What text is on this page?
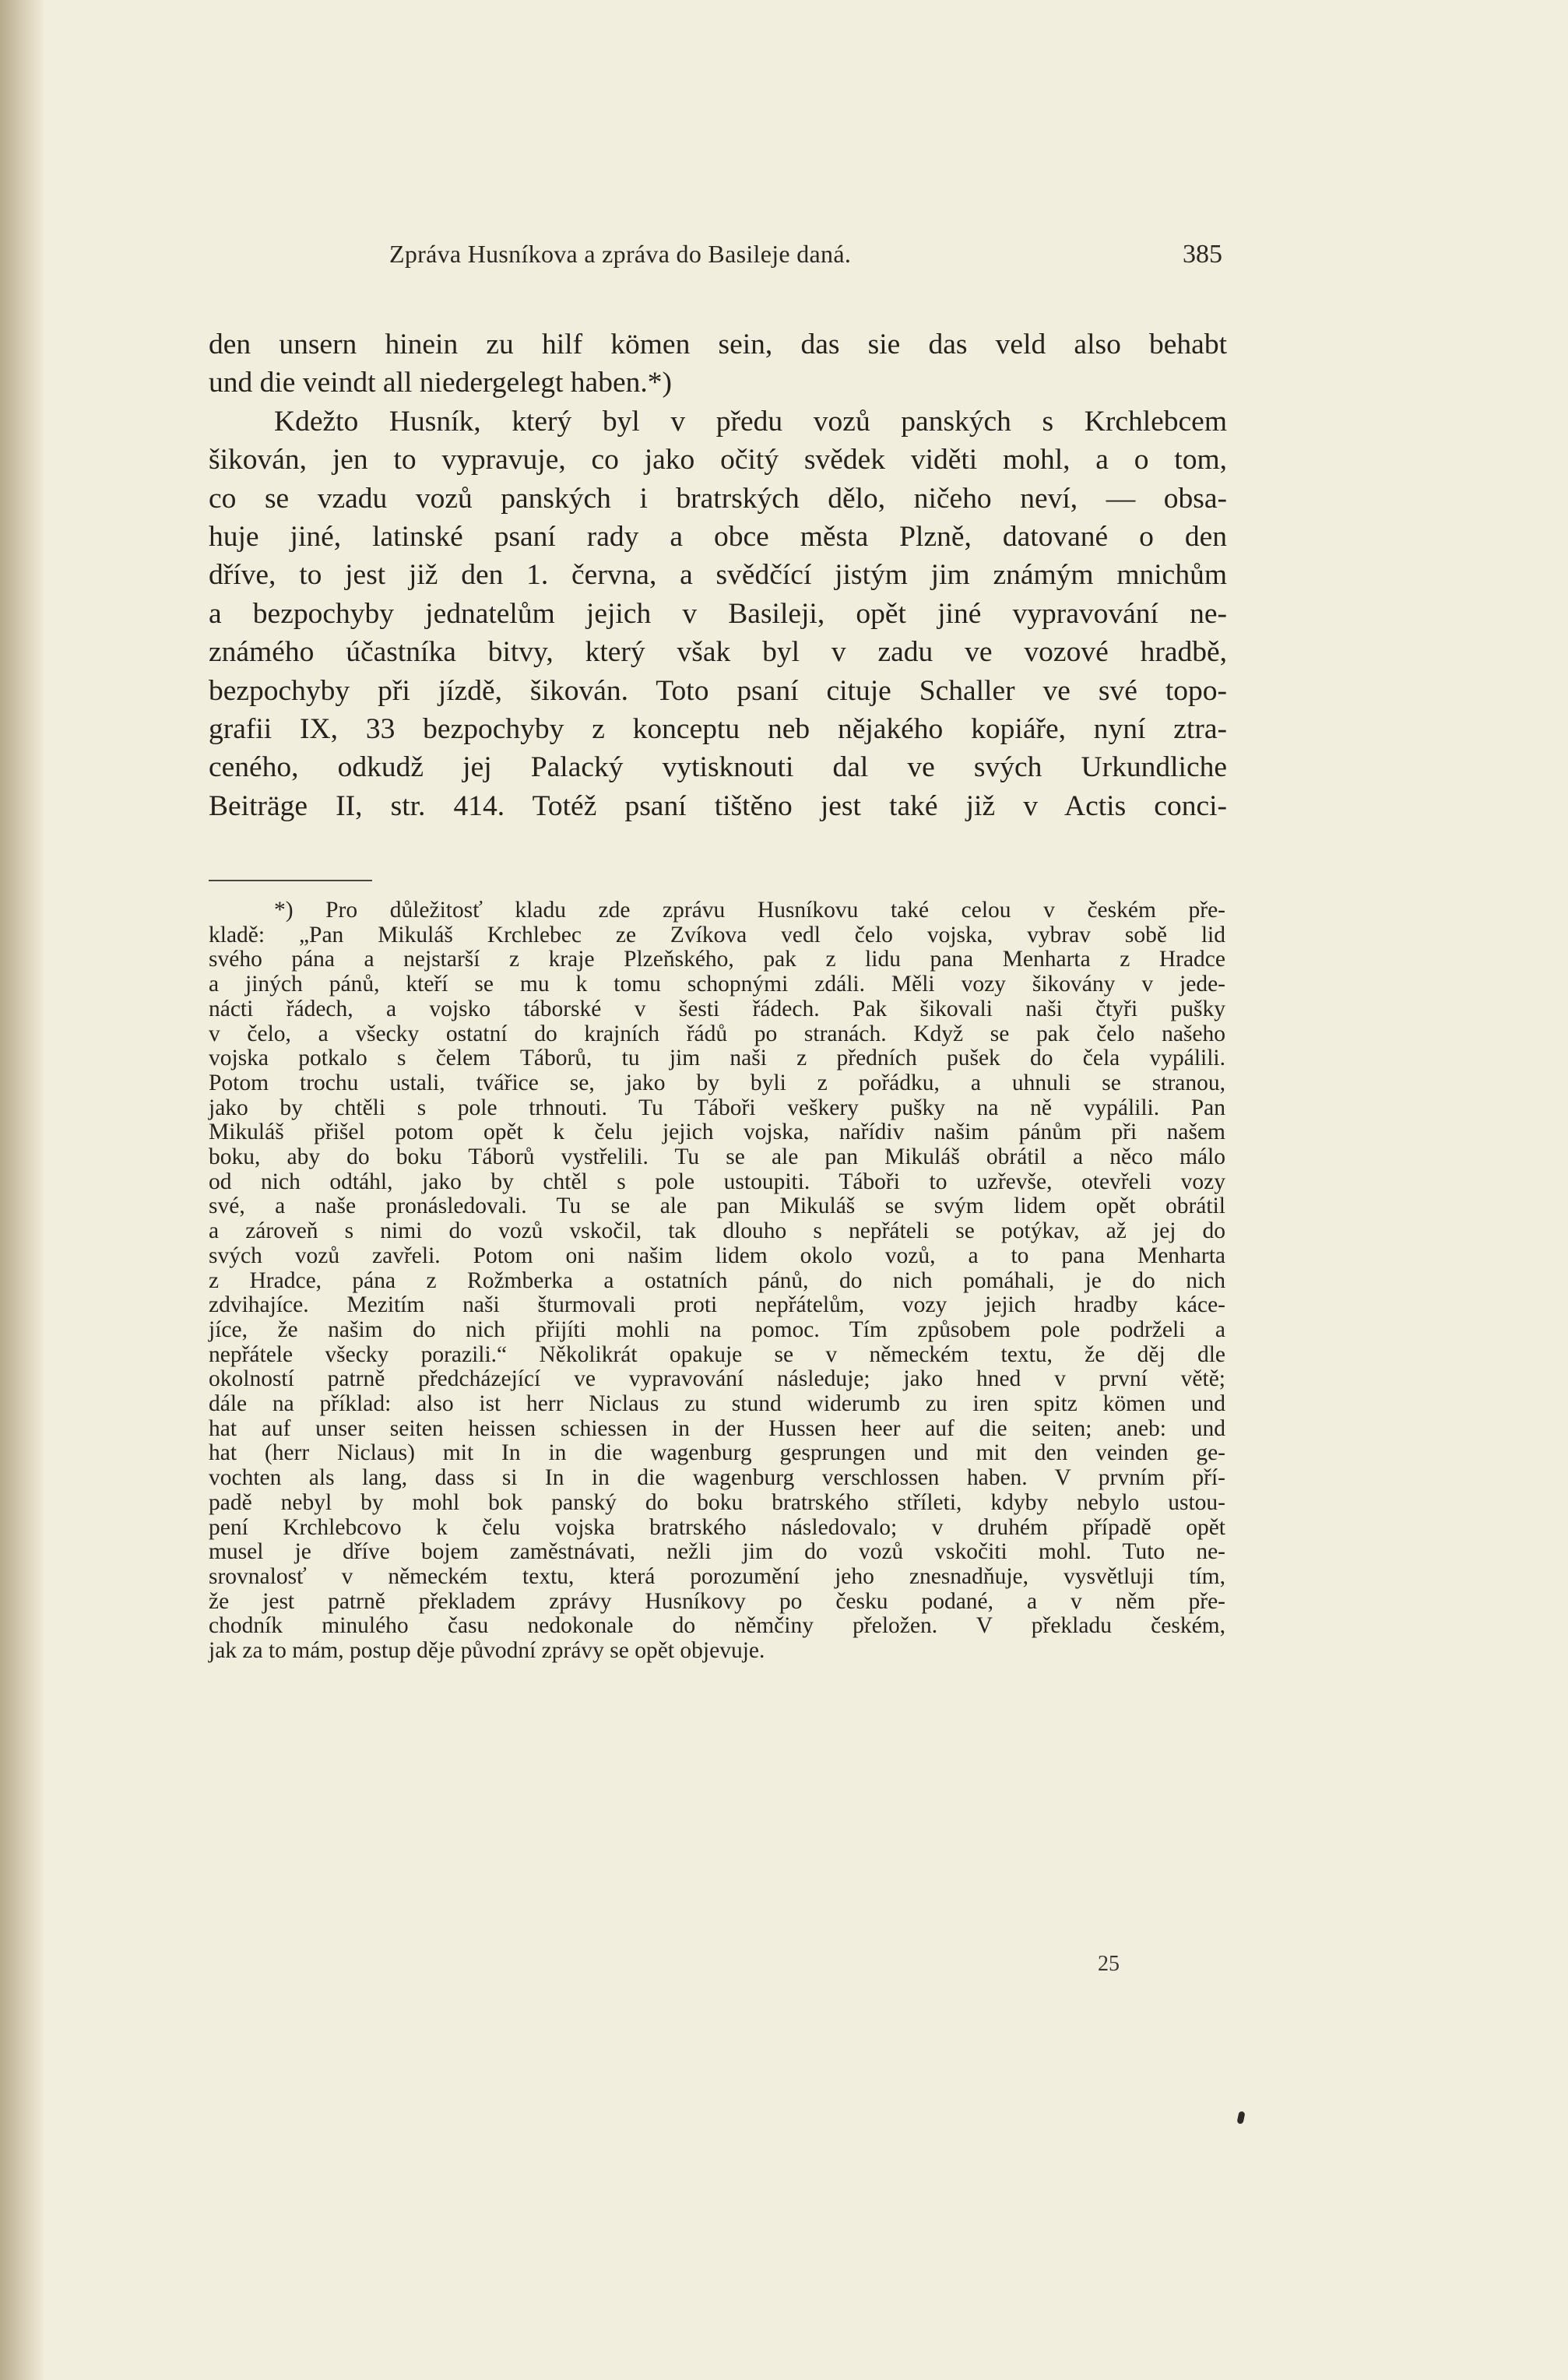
Zpráva Husníkova a zpráva do Basileje daná.	385
den unsern hinein zu hilf kömen sein, das sie das veld also behabt
und die veindt all niedergelegt haben.*)
Kdežto Husník, který byl v předu vozů panských s Krchlebcem
šikován, jen to vypravuje, co jako očitý svědek viděti mohl, a o tom,
co se vzadu vozů panských i bratrských dělo, ničeho neví, — obsa-
huje jiné, latinské psaní rady a obce města Plzně, datované o den
dříve, to jest již den 1. června, a svědčící jistým jim známým mnichům
a bezpochyby jednatelům jejich v Basileji, opět jiné vypravování ne-
známého účastníka bitvy, který však byl v zadu ve vozové hradbě,
bezpochyby při jízdě, šikován. Toto psaní cituje Schaller ve své topo-
grafii IX, 33 bezpochyby z konceptu neb nějakého kopiáře, nyní ztra-
ceného, odkudž jej Palacký vytisknouti dal ve svých Urkundliche
Beiträge II, str. 414. Totéž psaní tištěno jest také již v Actis conci-
*) Pro důležitosť kladu zde zprávu Husníkovu také celou v českém pře-
kladě: „Pan Mikuláš Krchlebec ze Zvíkova vedl čelo vojska, vybrav sobě lid
svého pána a nejstarší z kraje Plzeňského, pak z lidu pana Menharta z Hradce
a jiných pánů, kteří se mu k tomu schopnými zdáli. Měli vozy šikovány v jede-
nácti řádech, a vojsko táborské v šesti řádech. Pak šikovali naši čtyři pušky
v čelo, a všecky ostatní do krajních řádů po stranách. Když se pak čelo našeho
vojska potkalo s čelem Táborů, tu jim naši z předních pušek do čela vypálili.
Potom trochu ustali, tvářice se, jako by byli z pořádku, a uhnuli se stranou,
jako by chtěli s pole trhnouti. Tu Táboři veškery pušky na ně vypálili. Pan
Mikuláš přišel potom opět k čelu jejich vojska, nařídiv našim pánům při našem
boku, aby do boku Táborů vystřelili. Tu se ale pan Mikuláš obrátil a něco málo
od nich odtáhl, jako by chtěl s pole ustoupiti. Táboři to uzřevše, otevřeli vozy
své, a naše pronásledovali. Tu se ale pan Mikuláš se svým lidem opět obrátil
a zároveň s nimi do vozů vskočil, tak dlouho s nepřáteli se potýkav, až jej do
svých vozů zavřeli. Potom oni našim lidem okolo vozů, a to pana Menharta
z Hradce, pána z Rožmberka a ostatních pánů, do nich pomáhali, je do nich
zdvihajíce. Mezitím naši šturmovali proti nepřátelům, vozy jejich hradby káce-
jíce, že našim do nich přijíti mohli na pomoc. Tím způsobem pole podrželi a
nepřátele všecky porazili.“ Několikrát opakuje se v německém textu, že děj dle
okolností patrně předcházející ve vypravování následuje; jako hned v první větě;
dále na příklad: also ist herr Niclaus zu stund widerumb zu iren spitz kömen und
hat auf unser seiten heissen schiessen in der Hussen heer auf die seiten; aneb: und
hat (herr Niclaus) mit In in die wagenburg gesprungen und mit den veinden ge-
vochten als lang, dass si In in die wagenburg verschlossen haben. V prvním pří-
padě nebyl by mohl bok panský do boku bratrského stříleti, kdyby nebylo ustou-
pení Krchlebcovo k čelu vojska bratrského následovalo; v druhém případě opět
musel je dříve bojem zaměstnávati, nežli jim do vozů vskočiti mohl. Tuto ne-
srovnalosť v německém textu, která porozumění jeho znesnadňuje, vysvětluji tím,
že jest patrně překladem zprávy Husníkovy po česku podané, a v něm pře-
chodník minulého času nedokonale do němčiny přeložen. V překladu českém,
jak za to mám, postup děje původní zprávy se opět objevuje.
25
